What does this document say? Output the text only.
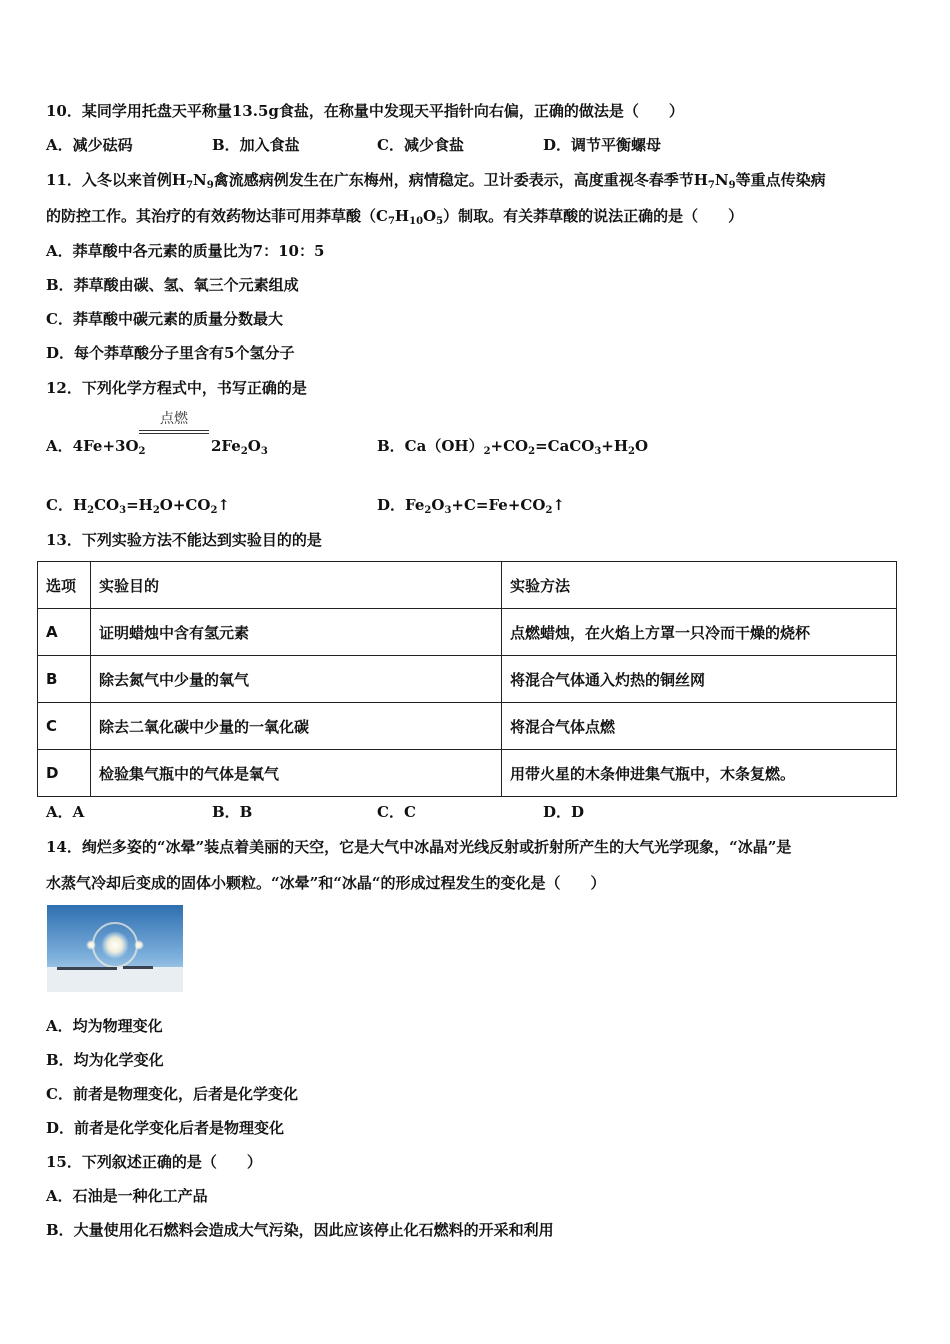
10．某同学用托盘天平称量13.5g食盐，在称量中发现天平指针向右偏，正确的做法是（　　）
A．减少砝码	B．加入食盐	C．减少食盐	D．调节平衡螺母
11．入冬以来首例$H_7N_9$禽流感病例发生在广东梅州，病情稳定。卫计委表示，高度重视冬春季节$H_7N_9$等重点传染病
的防控工作。其治疗的有效药物达菲可用莽草酸$(C_7H_{10}O_5)$制取。有关莽草酸的说法正确的是（　　）
A．莽草酸中各元素的质量比为7：10：5
B．莽草酸由碳、氢、氧三个元素组成
C．莽草酸中碳元素的质量分数最大
D．每个莽草酸分子里含有5个氢分子
12．下列化学方程式中，书写正确的是
点燃
A．$4Fe+3O_2$	$2Fe_2O_3$	B．$Ca(OH)_2+CO_2=CaCO_3+H_2O$
C．$H_2CO_3=H_2O+CO_2↑$	D．$Fe_2O_3+C=Fe+CO_2↑$
13．下列实验方法不能达到实验目的的是
选项	实验目的	实验方法
A	证明蜡烛中含有氢元素	点燃蜡烛，在火焰上方罩一只冷而干燥的烧杯
B	除去氮气中少量的氧气	将混合气体通入灼热的铜丝网
C	除去二氧化碳中少量的一氧化碳	将混合气体点燃
D	检验集气瓶中的气体是氧气	用带火星的木条伸进集气瓶中，木条复燃。
A．A	B．B	C．C	D．D
14．绚烂多姿的“冰晕”装点着美丽的天空，它是大气中冰晶对光线反射或折射所产生的大气光学现象，“冰晶”是
水蒸气冷却后变成的固体小颗粒。“冰晕”和“冰晶“的形成过程发生的变化是（　　）
A．均为物理变化
B．均为化学变化
C．前者是物理变化，后者是化学变化
D．前者是化学变化后者是物理变化
15．下列叙述正确的是（　　）
A．石油是一种化工产品
B．大量使用化石燃料会造成大气污染，因此应该停止化石燃料的开采和利用
